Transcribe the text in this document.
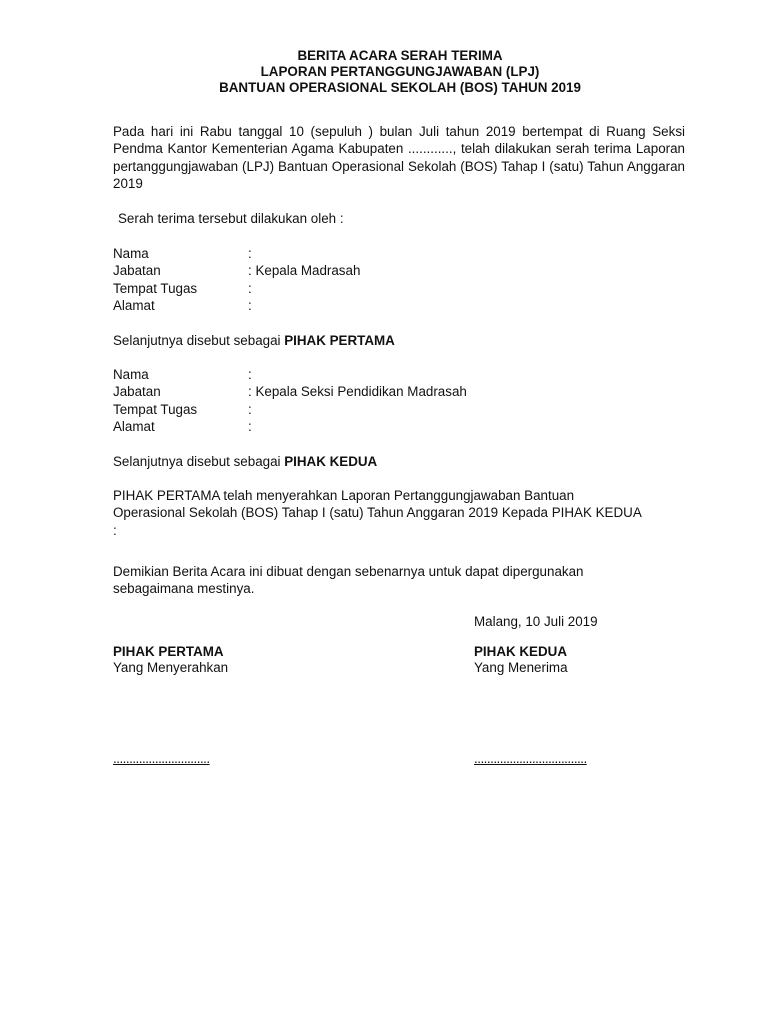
BERITA ACARA SERAH TERIMA
LAPORAN PERTANGGUNGJAWABAN (LPJ)
BANTUAN OPERASIONAL SEKOLAH (BOS) TAHUN 2019
Pada hari ini Rabu tanggal 10 (sepuluh ) bulan Juli tahun 2019 bertempat di Ruang Seksi Pendma Kantor Kementerian Agama Kabupaten ............, telah dilakukan serah terima Laporan pertanggungjawaban (LPJ) Bantuan Operasional Sekolah (BOS) Tahap I (satu) Tahun Anggaran 2019
Serah terima tersebut dilakukan oleh :
Nama	:
Jabatan	: Kepala Madrasah
Tempat Tugas	:
Alamat	:
Selanjutnya disebut sebagai PIHAK PERTAMA
Nama	:
Jabatan	: Kepala Seksi Pendidikan Madrasah
Tempat Tugas	:
Alamat	:
Selanjutnya disebut sebagai PIHAK KEDUA
PIHAK PERTAMA telah menyerahkan Laporan Pertanggungjawaban Bantuan Operasional Sekolah (BOS) Tahap I (satu) Tahun Anggaran 2019 Kepada PIHAK KEDUA :
Demikian Berita Acara ini dibuat dengan sebenarnya untuk dapat dipergunakan sebagaimana mestinya.
Malang, 10 Juli 2019
PIHAK PERTAMA
Yang Menyerahkan
..............................
PIHAK KEDUA
Yang Menerima
...................................
